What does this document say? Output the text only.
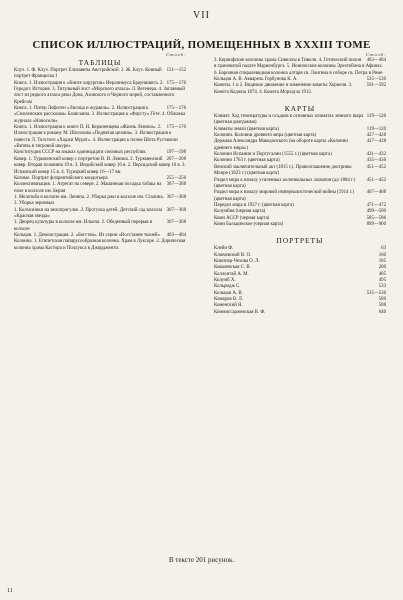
VII
СПИСОК ИЛЛЮСТРАЦИЙ, ПОМЕЩЕННЫХ В XXXIII ТОМЕ
ТАБЛИЦЫ
Столб.
151—152
Клуэ. 1. Ф. Клуэ. Портрет Елизаветы Австрийской. 2. Ж. Клуэ. Конный портрет Франциска I
175—176
Книга. 1. Иллюстрация к «Книге хирургии» Иеронимуса Брауншвига. 2. Геродот. История. 3. Титульный лист «Морского атласа» Л. Вегенера. 4. Заглавный лист из редкого атласа реки Дона, Азовского и Черного морей, составленного Крейсом
175—176
Книга. 1. Питер Лофотен «Лисица и журавль». 2. Иллюстрация к «Смоленским рассказам» Баляскина. 3. Иллюстрация к «Фаусту» Гёте. 4. Обложка журнала «Новосели»
175—176
Книга. 1. Иллюстрация к книге П. Н. Кержненцева «Жизнь Ленина». 2. Иллюстрация к роману М. Шолохова «Поднятая целина». 3. Иллюстрация к повести Л. Толстого «Хаджи Мурат». 4. Иллюстрация к поэме Шота Руставели «Витязь в тигровой шкуре»
197—198
Конституция СССР на языках одиннадцати союзных республик
207—208
Ковер. 1. Туркменский ковер с портретом В. И. Ленина. 2. Туркменский ковер. Вторая половина 19 в. 3. Индийский ковер 16 в. 2. Персидский ковер 16 в. 3. Испанский ковер 15 в. 4. Турецкий ковер 16—17 вв.
255—256
Козимо. Портрет флорентийского кондотьера
367—368
Коллективизация. 1. Агрегат на севере. 2. Машинная посадка табака на поле в колхозе им. Берия
367—368
1. Молотьба в колхозе им. Ленина. 2. Уборка ржи в колхозе им. Сталина. 3. Уборка зерновых
367—368
1. Колхозники на велопрогулке. 2. Прогулка детей. Детский сад колхоза «Красная звезда»
367—368
1. Дворец культуры в колхозе им. Ильича. 2. Обеденный перерыв в колхозе
403—404
Кольцов. 1. Демонстрация. 2. «Бегство». Из серии «Восстание ткачей»
Колонна. 1. Египетская папирусообразная колонна. Храм в Луксоре. 2. Дорическая колонна храма Кастора и Поллукса в Джирдженти.
Столб.
483—484
3. Коринфские колонны храма Сивиллы в Тиволи. 4. Готический пилон в грановитой палате Мариенбурга. 5. Ионические колонны Эрехтейона в Афинах. 6. Барочная спиралевидная колонна алтаря св. Лонгина в соборе св. Петра в Риме
535—536
Кольцов А. В. Акварель Горбунова К. А.
591—592
Кометы. 1 и 2. Видимое движение и изменение кометы Хорнеля. 3. Комета Коджиа 1874. 4. Комета Морхауза 1912.
КАРТЫ
119—120
Климат. Ход температуры и осадков в основных климатах земного шара (цветная диаграмма)
119—120
Климаты земли (цветная карта)
427—428
Колонии. Колонии древнего мира (цветная карта)
427—428
Держава Александра Македонского (на обороте карты «Колонии древнего мира»)
431—432
Колонии Испании и Португалии (1555 г.) (цветная карта)
435—436
Колонии 1763 г. (цветная карта)
451—452
Венский заключительный акт (1815 г.). Провозглашение доктрины Монро (1823 г.) (цветная карта)
451—452
Раздел мира к началу усиленных колониальных захватов (до 1884 г.) (цветная карта)
467—468
Раздел мира к началу мировой империалистической войны (1914 г.) (цветная карта)
471—472
Передел мира в 1937 г. (цветная карта)
499—500
Колумбия (черная карта)
585—586
Коми АССР (черная карта)
899—900
Коми Бальцинское (черная карта)
ПОРТРЕТЫ
63
Клейн Ф.
160
Ключевский В. О.
185
Книппер-Чехова О. Л.
200
Ковалевская С. В.
405
Коллонтай А. М.
495
Колумб X.
533
Кольридж С.
535—536
Кольцов А. В.
580
Комаров В. Л.
588
Коменский Я.
640
Коммиссаржевская В. Ф.
В тексте 201 рисунок.
11
